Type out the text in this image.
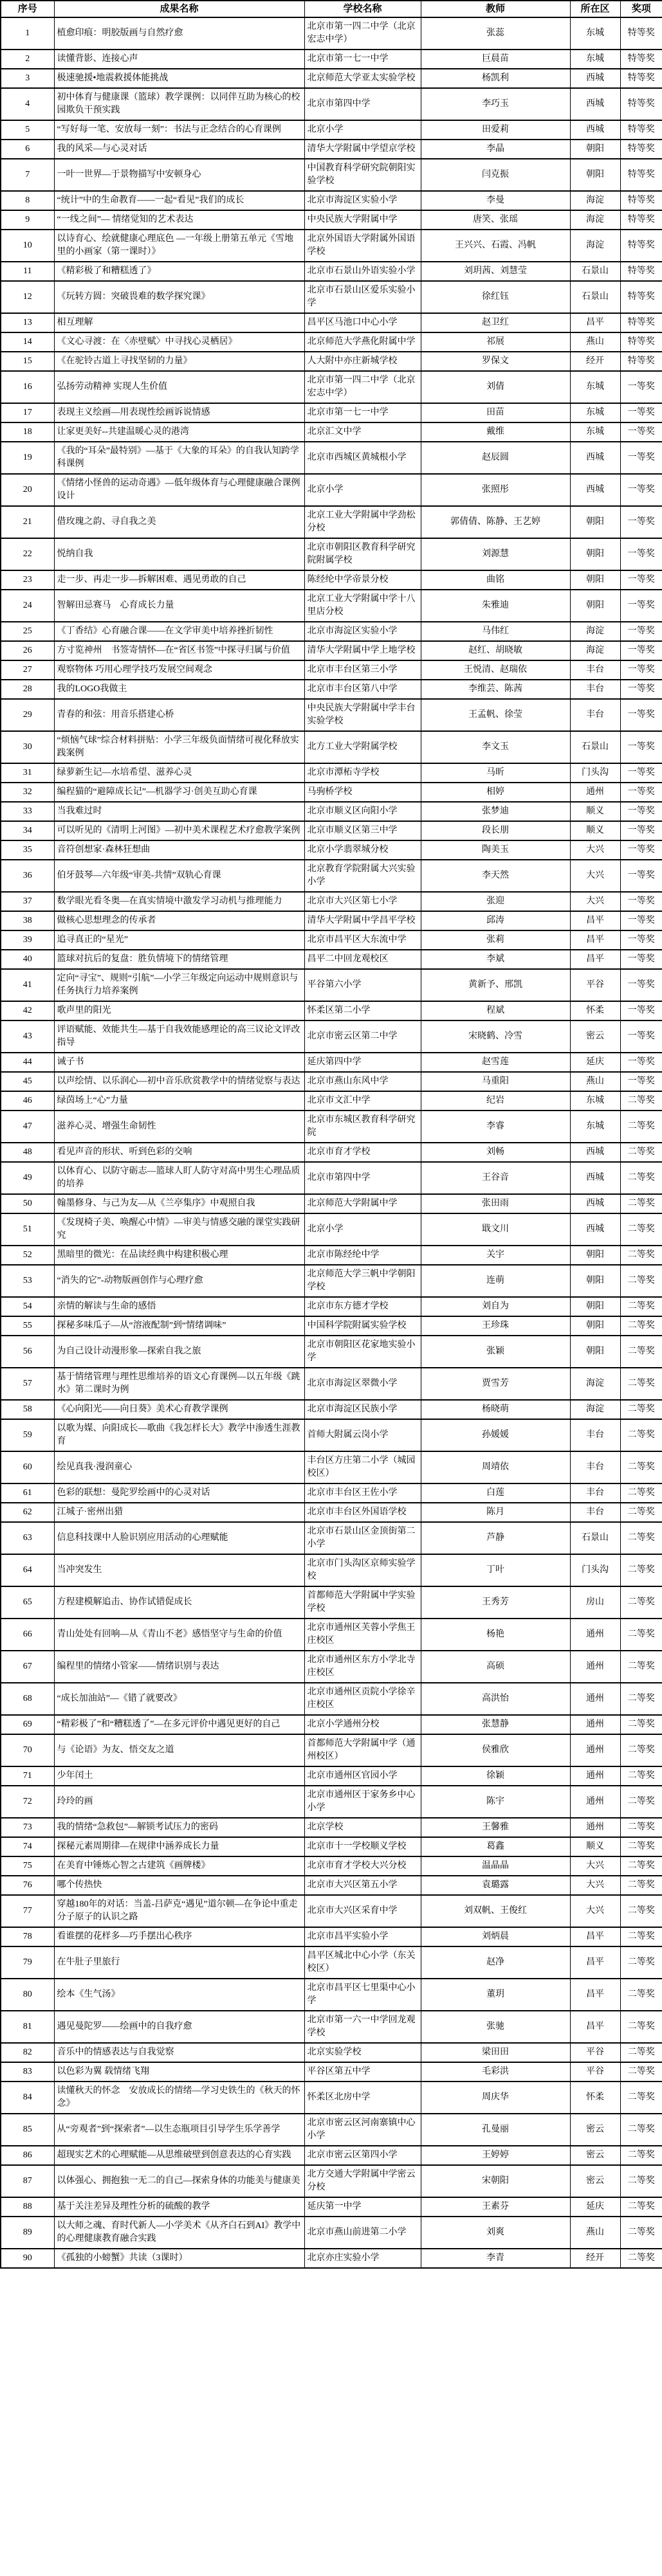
序号	成果名称	学校名称	教师	所在区	奖项
1	植愈印痕：明胶版画与自然疗愈	北京市第一四二中学（北京宏志中学）	张蕊	东城	特等奖
2	读懂背影、连接心声	北京市第一七一中学	巨晨苗	东城	特等奖
3	极速驰援•地震救援体能挑战	北京师范大学亚太实验学校	杨凯利	西城	特等奖
4	初中体育与健康课（篮球）教学课例：以同伴互助为核心的校园欺负干预实践	北京市第四中学	李巧玉	西城	特等奖
5	“写好每一笔、安放每一刻”：书法与正念结合的心育课例	北京小学	田爱莉	西城	特等奖
6	我的风采—与心灵对话	清华大学附属中学望京学校	李晶	朝阳	特等奖
7	一叶一世界—于景物描写中安顿身心	中国教育科学研究院朝阳实验学校	闫克振	朝阳	特等奖
8	“统计”中的生命教育——一起“看见”我们的成长	北京市海淀区实验小学	李曼	海淀	特等奖
9	“一线之间”— 情绪觉知的艺术表达	中央民族大学附属中学	唐笑、张瑶	海淀	特等奖
10	以诗育心、绘就健康心理底色 —一年级上册第五单元《雪地里的小画家（第一课时）》	北京外国语大学附属外国语学校	王兴兴、石霞、冯帆	海淀	特等奖
11	《精彩极了和糟糕透了》	北京市石景山外语实验小学	刘玥茜、刘慧莹	石景山	特等奖
12	《玩转方圆：突破畏难的数学探究课》	北京市石景山区爱乐实验小学	徐红钰	石景山	特等奖
13	相互理解	昌平区马池口中心小学	赵卫红	昌平	特等奖
14	《文心寻渡：在〈赤壁赋〉中寻找心灵栖居》	北京师范大学燕化附属中学	祁展	燕山	特等奖
15	《在驼铃古道上寻找坚韧的力量》	人大附中亦庄新城学校	罗保文	经开	特等奖
16	弘扬劳动精神 实现人生价值	北京市第一四二中学（北京宏志中学）	刘倩	东城	一等奖
17	表现主义绘画—用表现性绘画诉说情感	北京市第一七一中学	田苗	东城	一等奖
18	让家更美好--共建温暖心灵的港湾	北京汇文中学	戴维	东城	一等奖
19	《我的“耳朵”最特别》—基于《大象的耳朵》的自我认知跨学科课例	北京市西城区黄城根小学	赵辰圆	西城	一等奖
20	《情绪小怪兽的运动奇遇》—低年级体育与心理健康融合课例设计	北京小学	张照彤	西城	一等奖
21	借玫瑰之韵、寻自我之美	北京工业大学附属中学劲松分校	郭倩倩、陈静、王艺婷	朝阳	一等奖
22	悦纳自我	北京市朝阳区教育科学研究院附属学校	刘源慧	朝阳	一等奖
23	走一步、再走一步—拆解困难、遇见勇敢的自己	陈经纶中学帝景分校	曲铭	朝阳	一等奖
24	智解田忌赛马　心育成长力量	北京工业大学附属中学十八里店分校	朱雅迪	朝阳	一等奖
25	《丁香结》心育融合课——在文学审美中培养挫折韧性	北京市海淀区实验小学	马伟红	海淀	一等奖
26	方寸览神州　书签寄情怀—在“省区书签”中探寻归属与价值	清华大学附属中学上地学校	赵红、胡晓敏	海淀	一等奖
27	观察物体 巧用心理学技巧发展空间观念	北京市丰台区第三小学	王悦清、赵瑞依	丰台	一等奖
28	我的LOGO我做主	北京市丰台区第八中学	李维芸、陈茜	丰台	一等奖
29	青春的和弦：用音乐搭建心桥	中央民族大学附属中学丰台实验学校	王孟帆、徐莹	丰台	一等奖
30	“烦恼气球”综合材料拼贴：小学三年级负面情绪可视化释放实践案例	北方工业大学附属学校	李文玉	石景山	一等奖
31	绿萝新生记—水培希望、滋养心灵	北京市潭柘寺学校	马昕	门头沟	一等奖
32	编程猫的“避障成长记”—机器学习·创美互助心育课	马驹桥学校	相婷	通州	一等奖
33	当我难过时	北京市顺义区向阳小学	张梦迪	顺义	一等奖
34	可以听见的《清明上河图》—初中美术课程艺术疗愈教学案例	北京市顺义区第三中学	段长朋	顺义	一等奖
35	音符创想家·森林狂想曲	北京小学翡翠城分校	陶美玉	大兴	一等奖
36	伯牙鼓琴—六年级“审美-共情”双轨心育课	北京教育学院附属大兴实验小学	李天然	大兴	一等奖
37	数学眼光看冬奥—在真实情境中激发学习动机与推理能力	北京市大兴区第七小学	张迎	大兴	一等奖
38	做核心思想理念的传承者	清华大学附属中学昌平学校	邱涛	昌平	一等奖
39	追寻真正的“星光”	北京市昌平区大东流中学	张莉	昌平	一等奖
40	篮球对抗后的复盘：胜负情境下的情绪管理	昌平二中回龙观校区	李斌	昌平	一等奖
41	定向“寻宝”、规则“引航”—小学三年级定向运动中规则意识与任务执行力培养案例	平谷第六小学	黄新予、邢凯	平谷	一等奖
42	歌声里的阳光	怀柔区第二小学	程斌	怀柔	一等奖
43	评语赋能、效能共生—基于自我效能感理论的高三议论文评改指导	北京市密云区第二中学	宋晓鹤、冷雪	密云	一等奖
44	诫子书	延庆第四中学	赵雪莲	延庆	一等奖
45	以声绘情、以乐润心—初中音乐欣赏教学中的情绪觉察与表达	北京市燕山东风中学	马重阳	燕山	一等奖
46	绿茵场上“心”力量	北京市文汇中学	纪岩	东城	二等奖
47	滋养心灵、增强生命韧性	北京市东城区教育科学研究院	李睿	东城	二等奖
48	看见声音的形状、听到色彩的交响	北京市育才学校	刘畅	西城	二等奖
49	以体育心、以防守砺志—篮球人盯人防守对高中男生心理品质的培养	北京市第四中学	王谷音	西城	二等奖
50	翰墨修身、与己为友—从《兰亭集序》中观照自我	北京师范大学附属中学	张田雨	西城	二等奖
51	《发现椅子美、唤醒心中情》—审美与情感交融的课堂实践研究	北京小学	戢文川	西城	二等奖
52	黑暗里的微光：在品读经典中构建积极心理	北京市陈经纶中学	关宇	朝阳	二等奖
53	“消失的它”-动物版画创作与心理疗愈	北京师范大学三帆中学朝阳学校	连萌	朝阳	二等奖
54	亲情的解读与生命的感悟	北京市东方德才学校	刘自为	朝阳	二等奖
55	探秘多味瓜子—从“溶液配制”到“情绪调味”	中国科学院附属实验学校	王珍珠	朝阳	二等奖
56	为自己设计动漫形象—探索自我之旅	北京市朝阳区花家地实验小学	张颖	朝阳	二等奖
57	基于情绪管理与理性思维培养的语文心育课例—以五年级《跳水》第二课时为例	北京市海淀区翠微小学	贾雪芳	海淀	二等奖
58	《心向阳光——向日葵》美术心育教学课例	北京市海淀区民族小学	杨晓萌	海淀	二等奖
59	以歌为媒、向阳成长—歌曲《我怎样长大》教学中渗透生涯教育	首师大附属云岗小学	孙媛媛	丰台	二等奖
60	绘见真我·漫润童心	丰台区方庄第二小学（城园校区）	周靖依	丰台	二等奖
61	色彩的联想：曼陀罗绘画中的心灵对话	北京市丰台区王佐小学	白莲	丰台	二等奖
62	江城子·密州出猎	北京市丰台区外国语学校	陈月	丰台	二等奖
63	信息科技课中人脸识别应用活动的心理赋能	北京市石景山区金顶街第二小学	芦静	石景山	二等奖
64	当冲突发生	北京市门头沟区京师实验学校	丁叶	门头沟	二等奖
65	方程建模解追击、协作试错促成长	首都师范大学附属中学实验学校	王秀芳	房山	二等奖
66	青山处处有回响—从《青山不老》感悟坚守与生命的价值	北京市通州区芙蓉小学焦王庄校区	杨艳	通州	二等奖
67	编程里的情绪小管家——情绪识别与表达	北京市通州区东方小学北寺庄校区	高硕	通州	二等奖
68	“成长加油站”—《错了就要改》	北京市通州区贡院小学徐辛庄校区	高洪怡	通州	二等奖
69	“精彩极了”和“糟糕透了”—在多元评价中遇见更好的自己	北京小学通州分校	张慧静	通州	二等奖
70	与《论语》为友、悟交友之道	首都师范大学附属中学（通州校区）	侯雅欣	通州	二等奖
71	少年闰土	北京市通州区官园小学	徐颖	通州	二等奖
72	玲玲的画	北京市通州区于家务乡中心小学	陈宇	通州	二等奖
73	我的情绪“急救包”—解锁考试压力的密码	北京学校	王馨雅	通州	二等奖
74	探秘元素周期律—在规律中涵养成长力量	北京市十一学校顺义学校	葛鑫	顺义	二等奖
75	在美育中锤炼心智之古建筑《画牌楼》	北京市育才学校大兴分校	温晶晶	大兴	二等奖
76	哪个传热快	北京市大兴区第五小学	袁璐露	大兴	二等奖
77	穿越180年的对话：当盖-吕萨克“遇见”道尔顿—在争论中重走分子原子的认识之路	北京市大兴区采育中学	刘双帆、王俊红	大兴	二等奖
78	看谁摆的花样多—巧手摆出心秩序	北京市昌平实验小学	刘炳晨	昌平	二等奖
79	在牛肚子里旅行	昌平区城北中心小学（东关校区）	赵净	昌平	二等奖
80	绘本《生气汤》	北京市昌平区七里渠中心小学	董玥	昌平	二等奖
81	遇见曼陀罗——绘画中的自我疗愈	北京市第一六一中学回龙观学校	张驰	昌平	二等奖
82	音乐中的情感表达与自我觉察	北京实验学校	梁田田	平谷	二等奖
83	以色彩为翼 载情绪飞翔	平谷区第五中学	毛彩洪	平谷	二等奖
84	读懂秋天的怀念　安放成长的情绪—学习史铁生的《秋天的怀念》	怀柔区北房中学	周庆华	怀柔	二等奖
85	从“旁观者”到“探索者”—以生态瓶项目引导学生乐学善学	北京市密云区河南寨镇中心小学	孔曼丽	密云	二等奖
86	超现实艺术的心理赋能—从思维破壁到创意表达的心育实践	北京市密云区第四小学	王婷婷	密云	二等奖
87	以体强心、拥抱独一无二的自己—探索身体的功能美与健康美	北方交通大学附属中学密云分校	宋朝阳	密云	二等奖
88	基于关注差异及理性分析的硫酸的教学	延庆第一中学	王素芬	延庆	二等奖
89	以大师之魂、育时代新人—小学美术《从齐白石到AI》教学中的心理健康教育融合实践	北京市燕山前进第二小学	刘爽	燕山	二等奖
90	《孤独的小螃蟹》共读（3课时）	北京亦庄实验小学	李青	经开	二等奖
